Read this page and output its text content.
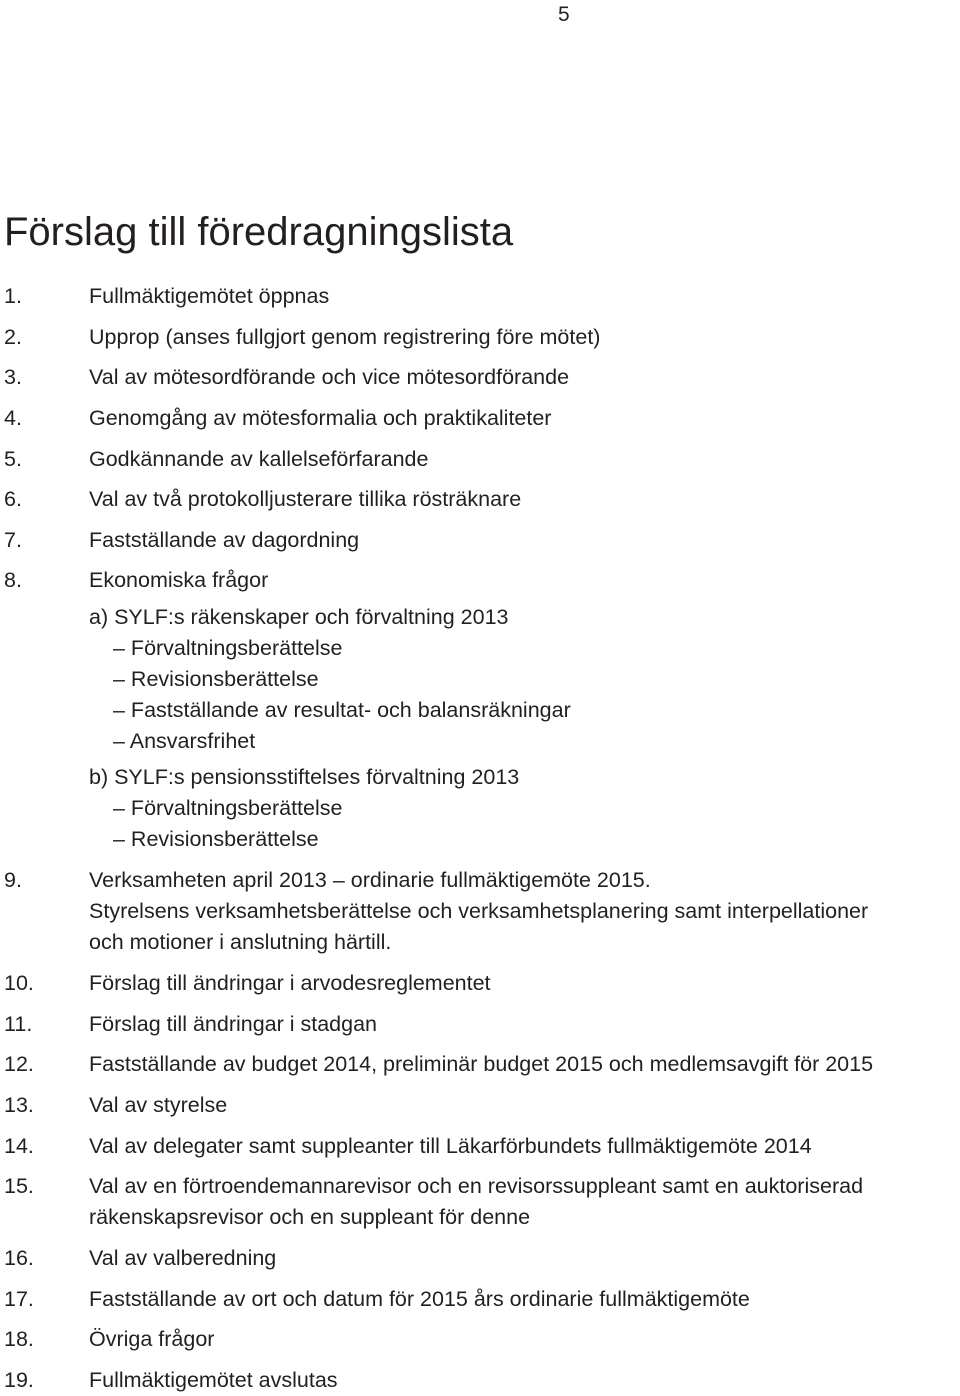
5
Förslag till föredragningslista
1.	Fullmäktigemötet öppnas
2.	Upprop (anses fullgjort genom registrering före mötet)
3.	Val av mötesordförande och vice mötesordförande
4.	Genomgång av mötesformalia och praktikaliteter
5.	Godkännande av kallelseförfarande
6.	Val av två protokolljusterare tillika rösträknare
7.	Fastställande av dagordning
8.	Ekonomiska frågor
a) SYLF:s räkenskaper och förvaltning 2013
– Förvaltningsberättelse
– Revisionsberättelse
– Fastställande av resultat- och balansräkningar
– Ansvarsfrihet
b) SYLF:s pensionsstiftelses förvaltning 2013
– Förvaltningsberättelse
– Revisionsberättelse
9.	Verksamheten april 2013 – ordinarie fullmäktigemöte 2015.
Styrelsens verksamhetsberättelse och verksamhetsplanering samt interpellationer
och motioner i anslutning härtill.
10.	Förslag till ändringar i arvodesreglementet
11.	Förslag till ändringar i stadgan
12.	Fastställande av budget 2014, preliminär budget 2015 och medlemsavgift för 2015
13.	Val av styrelse
14.	Val av delegater samt suppleanter till Läkarförbundets fullmäktigemöte 2014
15.	Val av en förtroendemannarevisor och en revisorssuppleant samt en auktoriserad
räkenskapsrevisor och en suppleant för denne
16.	Val av valberedning
17.	Fastställande av ort och datum för 2015 års ordinarie fullmäktigemöte
18.	Övriga frågor
19.	Fullmäktigemötet avslutas
